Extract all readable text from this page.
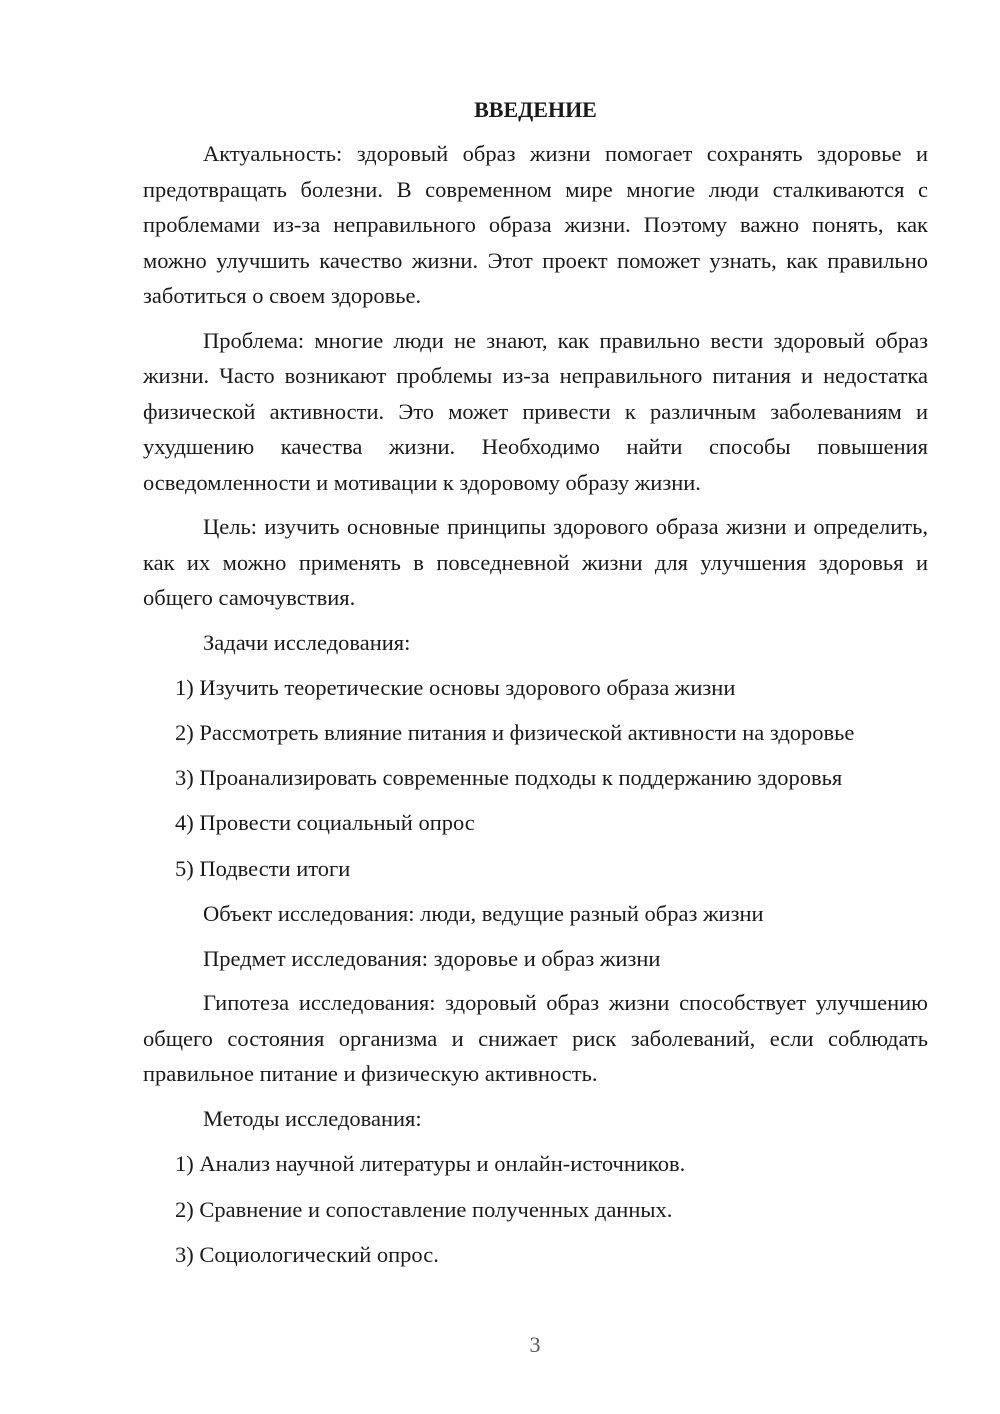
ВВЕДЕНИЕ

Актуальность: здоровый образ жизни помогает сохранять здоровье и предотвращать болезни. В современном мире многие люди сталкиваются с проблемами из-за неправильного образа жизни. Поэтому важно понять, как можно улучшить качество жизни. Этот проект поможет узнать, как правильно заботиться о своем здоровье.

Проблема: многие люди не знают, как правильно вести здоровый образ жизни. Часто возникают проблемы из-за неправильного питания и недостатка физической активности. Это может привести к различным заболеваниям и ухудшению качества жизни. Необходимо найти способы повышения осведомленности и мотивации к здоровому образу жизни.

Цель: изучить основные принципы здорового образа жизни и определить, как их можно применять в повседневной жизни для улучшения здоровья и общего самочувствия.

Задачи исследования:

1) Изучить теоретические основы здорового образа жизни

2) Рассмотреть влияние питания и физической активности на здоровье

3) Проанализировать современные подходы к поддержанию здоровья

4) Провести социальный опрос

5) Подвести итоги

Объект исследования: люди, ведущие разный образ жизни

Предмет исследования: здоровье и образ жизни

Гипотеза исследования: здоровый образ жизни способствует улучшению общего состояния организма и снижает риск заболеваний, если соблюдать правильное питание и физическую активность.

Методы исследования:

1) Анализ научной литературы и онлайн-источников.

2) Сравнение и сопоставление полученных данных.

3) Социологический опрос.

3
